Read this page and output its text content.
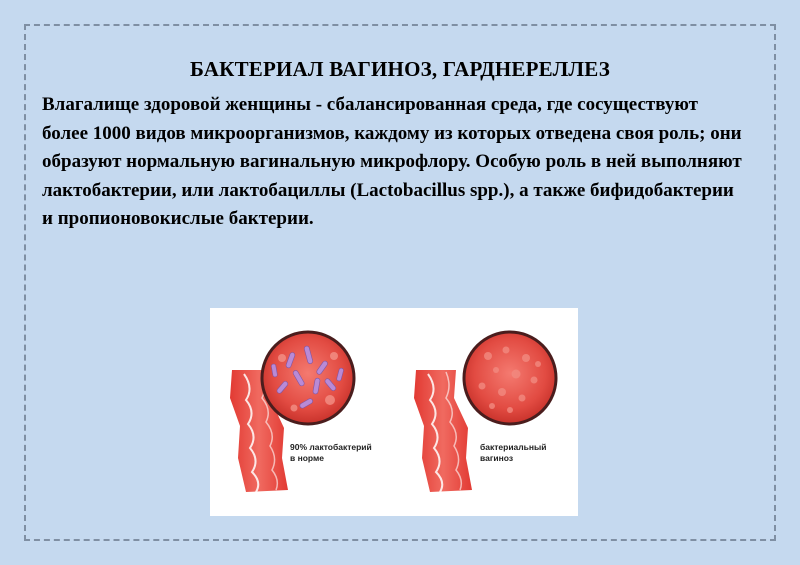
БАКТЕРИАЛ ВАГИНОЗ, ГАРДНЕРЕЛЛЕЗ

Влагалище здоровой женщины - сбалансированная среда, где сосуществуют более 1000 видов микроорганизмов, каждому из которых отведена своя роль; они образуют нормальную вагинальную микрофлору. Особую роль в ней выполняют лактобактерии, или лактобациллы (Lactobacillus spp.), а также бифидобактерии и пропионовокислые бактерии.

90% лактобактерий
в норме
бактериальный
вагиноз
